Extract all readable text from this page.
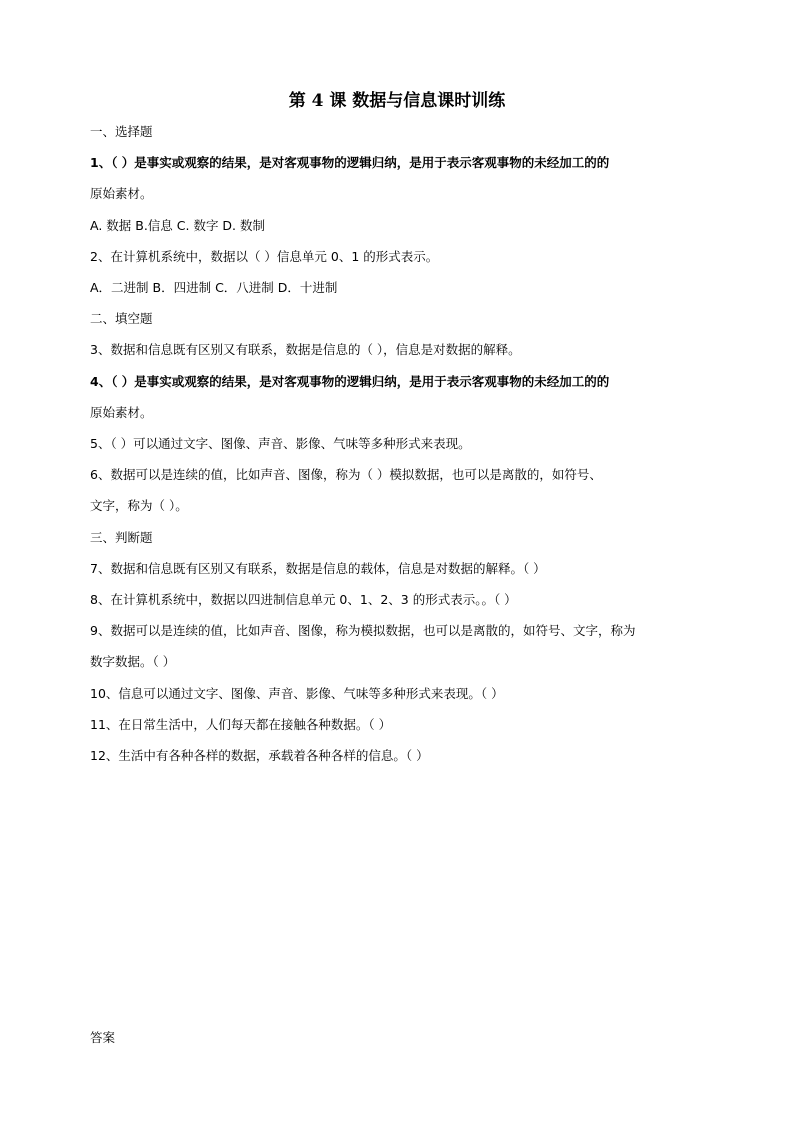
第 4 课 数据与信息课时训练
一、选择题
1、（ ）是事实或观察的结果，是对客观事物的逻辑归纳，是用于表示客观事物的未经加工的的
原始素材。
A. 数据 B.信息 C. 数字 D. 数制
2、在计算机系统中，数据以（ ）信息单元 0、1 的形式表示。
A．二进制 B．四进制 C．八进制 D．十进制
二、填空题
3、数据和信息既有区别又有联系，数据是信息的（ ），信息是对数据的解释。
4、（ ）是事实或观察的结果，是对客观事物的逻辑归纳，是用于表示客观事物的未经加工的的
原始素材。
5、（ ）可以通过文字、图像、声音、影像、气味等多种形式来表现。
6、数据可以是连续的值，比如声音、图像，称为（ ）模拟数据，也可以是离散的，如符号、
文字，称为（ ）。
三、判断题
7、数据和信息既有区别又有联系，数据是信息的载体，信息是对数据的解释。（ ）
8、在计算机系统中，数据以四进制信息单元 0、1、2、3 的形式表示。。（ ）
9、数据可以是连续的值，比如声音、图像，称为模拟数据，也可以是离散的，如符号、文字，称为
数字数据。（ ）
10、信息可以通过文字、图像、声音、影像、气味等多种形式来表现。（ ）
11、在日常生活中，人们每天都在接触各种数据。（ ）
12、生活中有各种各样的数据，承载着各种各样的信息。（ ）
答案
